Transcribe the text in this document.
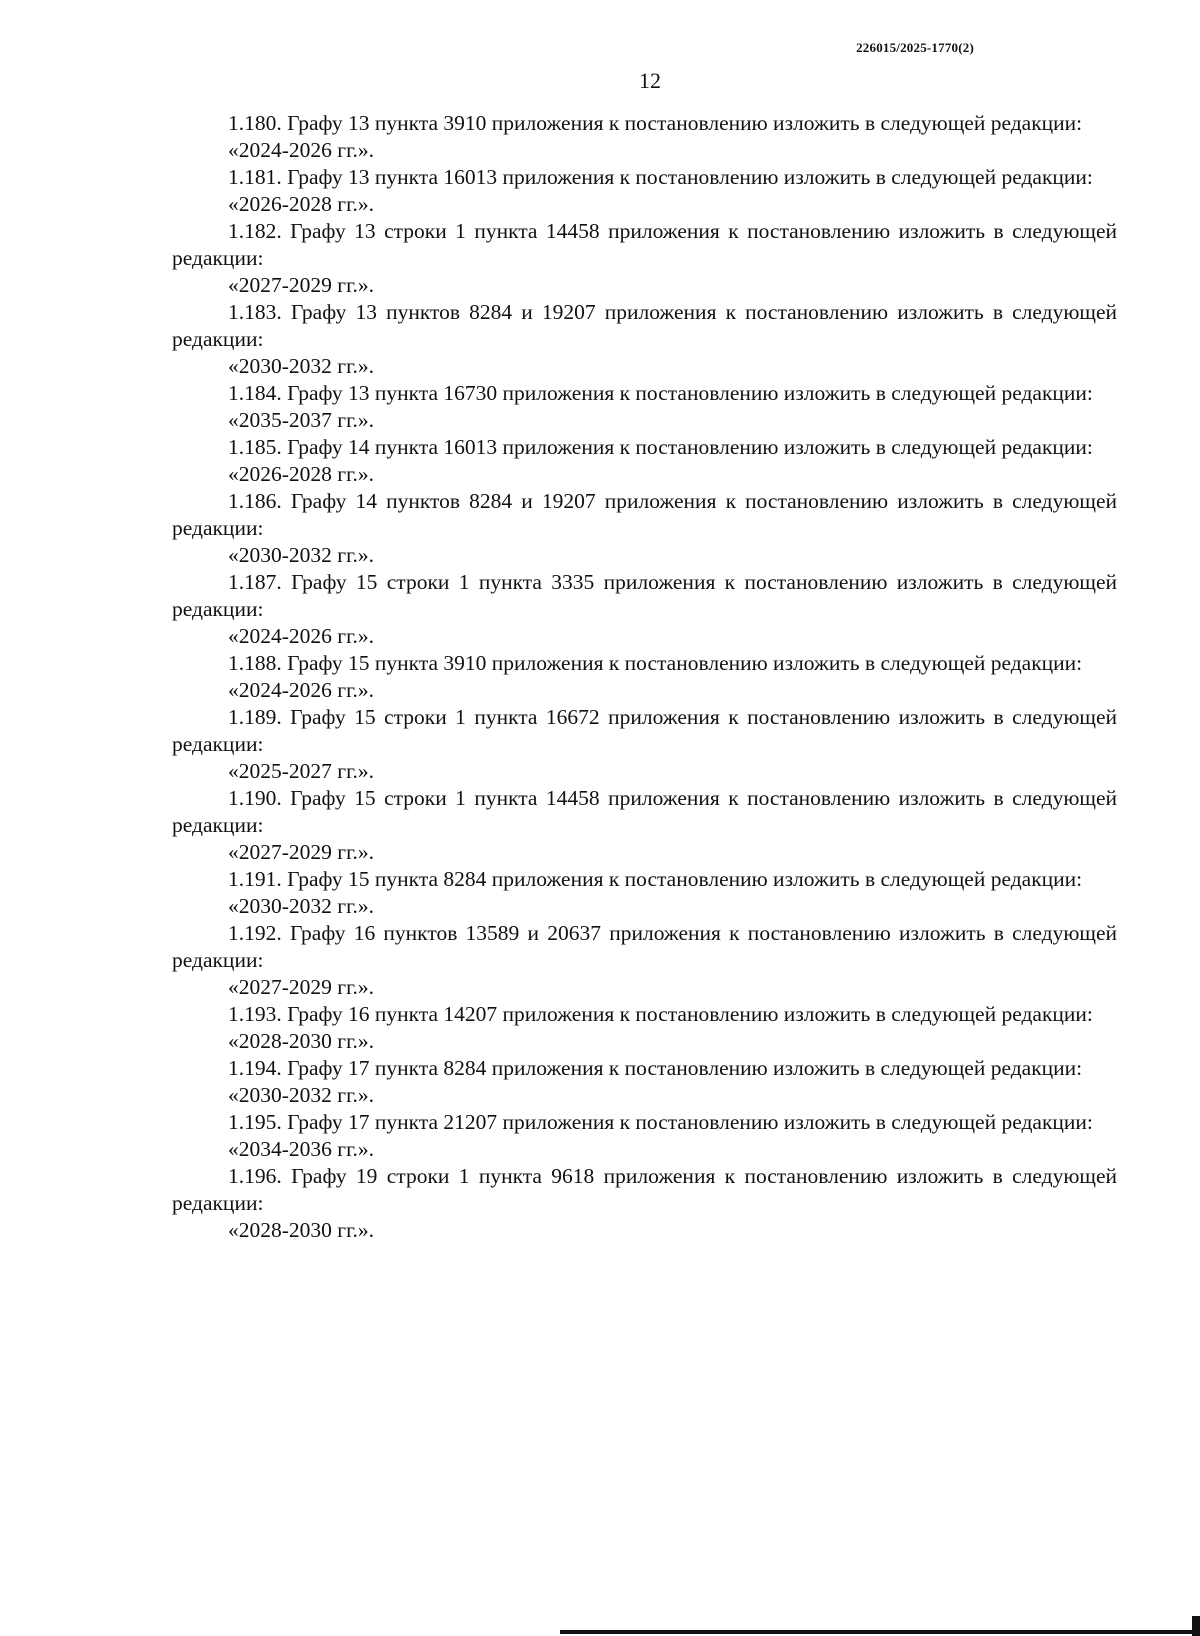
226015/2025-1770(2)
12

1.180. Графу 13 пункта 3910 приложения к постановлению изложить в следующей редакции:

«2024-2026 гг.».

1.181. Графу 13 пункта 16013 приложения к постановлению изложить в следующей редакции:

«2026-2028 гг.».

1.182. Графу 13 строки 1 пункта 14458 приложения к постановлению изложить в следующей редакции:

«2027-2029 гг.».

1.183. Графу 13 пунктов 8284 и 19207 приложения к постановлению изложить в следующей редакции:

«2030-2032 гг.».

1.184. Графу 13 пункта 16730 приложения к постановлению изложить в следующей редакции:

«2035-2037 гг.».

1.185. Графу 14 пункта 16013 приложения к постановлению изложить в следующей редакции:

«2026-2028 гг.».

1.186. Графу 14 пунктов 8284 и 19207 приложения к постановлению изложить в следующей редакции:

«2030-2032 гг.».

1.187. Графу 15 строки 1 пункта 3335 приложения к постановлению изложить в следующей редакции:

«2024-2026 гг.».

1.188. Графу 15 пункта 3910 приложения к постановлению изложить в следующей редакции:

«2024-2026 гг.».

1.189. Графу 15 строки 1 пункта 16672 приложения к постановлению изложить в следующей редакции:

«2025-2027 гг.».

1.190. Графу 15 строки 1 пункта 14458 приложения к постановлению изложить в следующей редакции:

«2027-2029 гг.».

1.191. Графу 15 пункта 8284 приложения к постановлению изложить в следующей редакции:

«2030-2032 гг.».

1.192. Графу 16 пунктов 13589 и 20637 приложения к постановлению изложить в следующей редакции:

«2027-2029 гг.».

1.193. Графу 16 пункта 14207 приложения к постановлению изложить в следующей редакции:

«2028-2030 гг.».

1.194. Графу 17 пункта 8284 приложения к постановлению изложить в следующей редакции:

«2030-2032 гг.».

1.195. Графу 17 пункта 21207 приложения к постановлению изложить в следующей редакции:

«2034-2036 гг.».

1.196. Графу 19 строки 1 пункта 9618 приложения к постановлению изложить в следующей редакции:

«2028-2030 гг.».
